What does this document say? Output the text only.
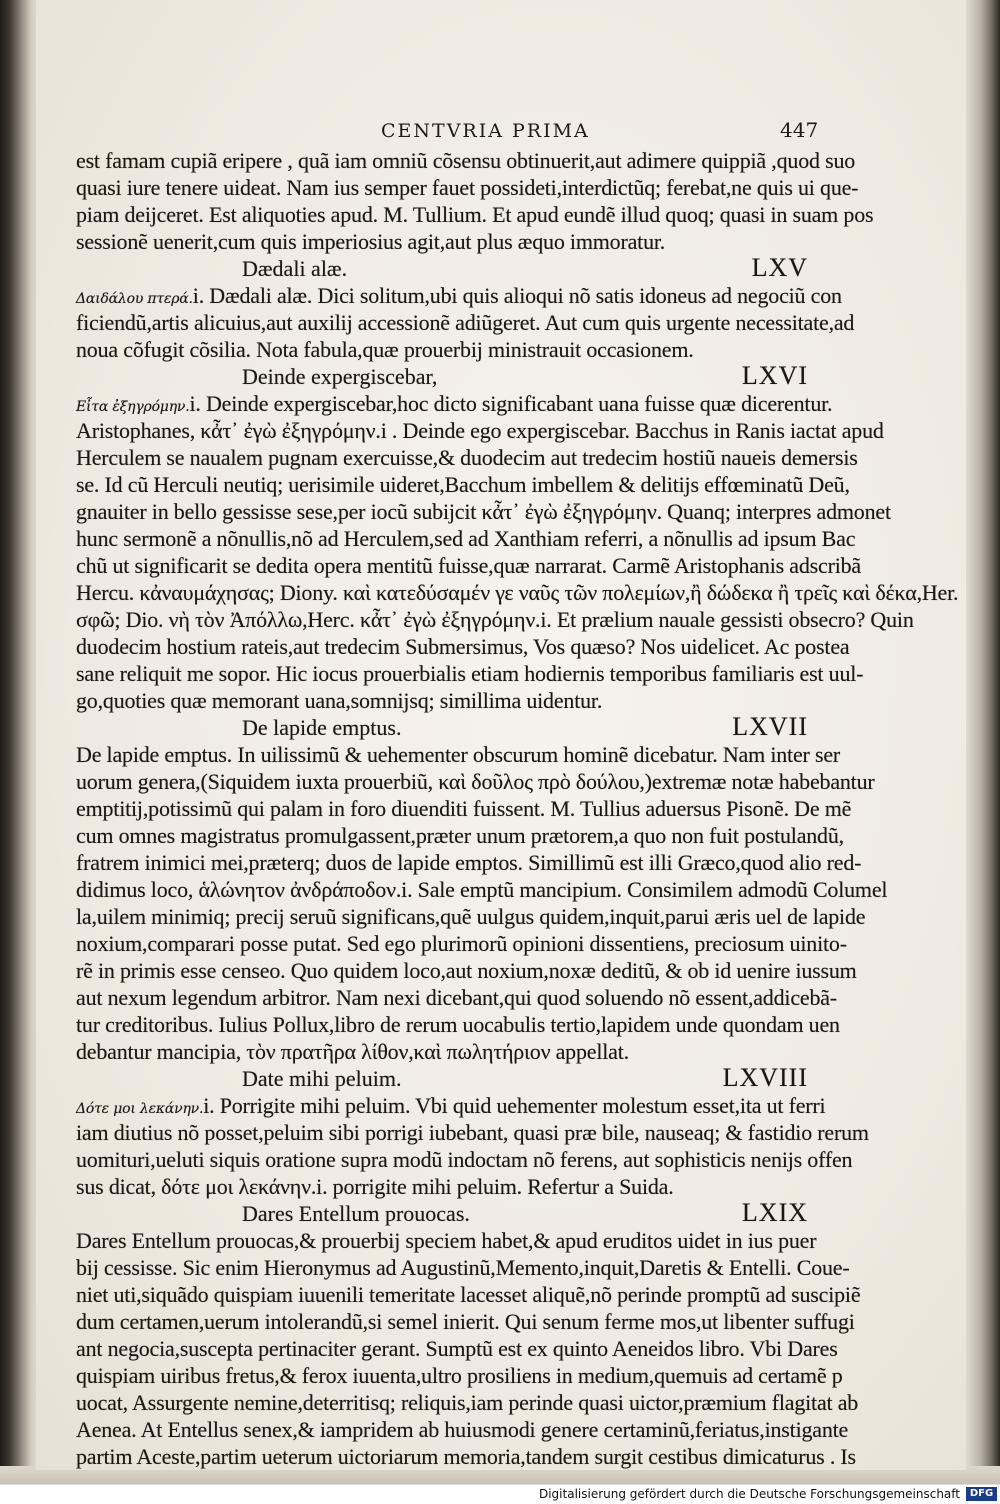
CENTVRIA PRIMA	447
est famam cupiã eripere , quã iam omniũ cõsensu obtinuerit,aut adimere quippiã ,quod suo
quasi iure tenere uideat. Nam ius semper fauet possideti,interdictũq; ferebat,ne quis ui que-
piam deijceret. Est aliquoties apud. M. Tullium. Et apud eundẽ illud quoq; quasi in suam pos
sessionẽ uenerit,cum quis imperiosius agit,aut plus æquo immoratur.
Dædali alæ.	LXV
Δαιδάλου πτερά.i. Dædali alæ. Dici solitum,ubi quis alioqui nõ satis idoneus ad negociũ con
ficiendũ,artis alicuius,aut auxilij accessionẽ adiũgeret. Aut cum quis urgente necessitate,ad
noua cõfugit cõsilia. Nota fabula,quæ prouerbij ministrauit occasionem.
Deinde expergiscebar,	LXVI
Εἶτα ἐξηγρόμην.i. Deinde expergiscebar,hoc dicto significabant uana fuisse quæ dicerentur.
Aristophanes, κἆτ᾽ ἐγὼ ἐξηγρόμην.i . Deinde ego expergiscebar. Bacchus in Ranis iactat apud
Herculem se naualem pugnam exercuisse,& duodecim aut tredecim hostiũ naueis demersis
se. Id cũ Herculi neutiq; uerisimile uideret,Bacchum imbellem & delitijs effœminatũ Deũ,
gnauiter in bello gessisse sese,per iocũ subijcit κἆτ᾽ ἐγὼ ἐξηγρόμην. Quanq; interpres admonet
hunc sermonẽ a nõnullis,nõ ad Herculem,sed ad Xanthiam referri, a nõnullis ad ipsum Bac
chũ ut significarit se dedita opera mentitũ fuisse,quæ narrarat. Carmẽ Aristophanis adscribã
Hercu. κἀναυμάχησας; Diony. καὶ κατεδύσαμέν γε ναῦς τῶν πολεμίων,ἢ δώδεκα ἢ τρεῖς καὶ δέκα,Her.
σφῶ; Dio. νὴ τὸν Ἀπόλλω,Herc. κἆτ᾽ ἐγὼ ἐξηγρόμην.i. Et prælium nauale gessisti obsecro? Quin
duodecim hostium rateis,aut tredecim Submersimus, Vos quæso? Nos uidelicet. Ac postea
sane reliquit me sopor. Hic iocus prouerbialis etiam hodiernis temporibus familiaris est uul-
go,quoties quæ memorant uana,somnijsq; simillima uidentur.
De lapide emptus.	LXVII
De lapide emptus. In uilissimũ & uehementer obscurum hominẽ dicebatur. Nam inter ser
uorum genera,(Siquidem iuxta prouerbiũ, καὶ δοῦλος πρὸ δούλου,)extremæ notæ habebantur
emptitij,potissimũ qui palam in foro diuenditi fuissent. M. Tullius aduersus Pisonẽ. De mẽ
cum omnes magistratus promulgassent,præter unum prætorem,a quo non fuit postulandũ,
fratrem inimici mei,præterq; duos de lapide emptos. Simillimũ est illi Græco,quod alio red-
didimus loco, ἁλώνητον ἀνδράποδον.i. Sale emptũ mancipium. Consimilem admodũ Columel
la,uilem minimiq; precij seruũ significans,quẽ uulgus quidem,inquit,parui æris uel de lapide
noxium,comparari posse putat. Sed ego plurimorũ opinioni dissentiens, preciosum uinito-
rẽ in primis esse censeo. Quo quidem loco,aut noxium,noxæ deditũ, & ob id uenire iussum
aut nexum legendum arbitror. Nam nexi dicebant,qui quod soluendo nõ essent,addicebã-
tur creditoribus. Iulius Pollux,libro de rerum uocabulis tertio,lapidem unde quondam uen
debantur mancipia, τὸν πρατῆρα λίθον,καὶ πωλητήριον appellat.
Date mihi peluim.	LXVIII
Δότε μοι λεκάνην.i. Porrigite mihi peluim. Vbi quid uehementer molestum esset,ita ut ferri
iam diutius nõ posset,peluim sibi porrigi iubebant, quasi præ bile, nauseaq; & fastidio rerum
uomituri,ueluti siquis oratione supra modũ indoctam nõ ferens, aut sophisticis nenijs offen
sus dicat, δότε μοι λεκάνην.i. porrigite mihi peluim. Refertur a Suida.
Dares Entellum prouocas.	LXIX
Dares Entellum prouocas,& prouerbij speciem habet,& apud eruditos uidet in ius puer
bij cessisse. Sic enim Hieronymus ad Augustinũ,Memento,inquit,Daretis & Entelli. Coue-
niet uti,siquãdo quispiam iuuenili temeritate lacesset aliquẽ,nõ perinde promptũ ad suscipiẽ
dum certamen,uerum intolerandũ,si semel inierit. Qui senum ferme mos,ut libenter suffugi
ant negocia,suscepta pertinaciter gerant. Sumptũ est ex quinto Aeneidos libro. Vbi Dares
quispiam uiribus fretus,& ferox iuuenta,ultro prosiliens in medium,quemuis ad certamẽ p
uocat, Assurgente nemine,deterritisq; reliquis,iam perinde quasi uictor,præmium flagitat ab
Aenea. At Entellus senex,& iampridem ab huiusmodi genere certaminũ,feriatus,instigante
Digitalisierung gefördert durch die Deutsche Forschungsgemeinschaft DFG
partim Aceste,partim ueterum uictoriarum memoria,tandem surgit cestibus dimicaturus . Is
